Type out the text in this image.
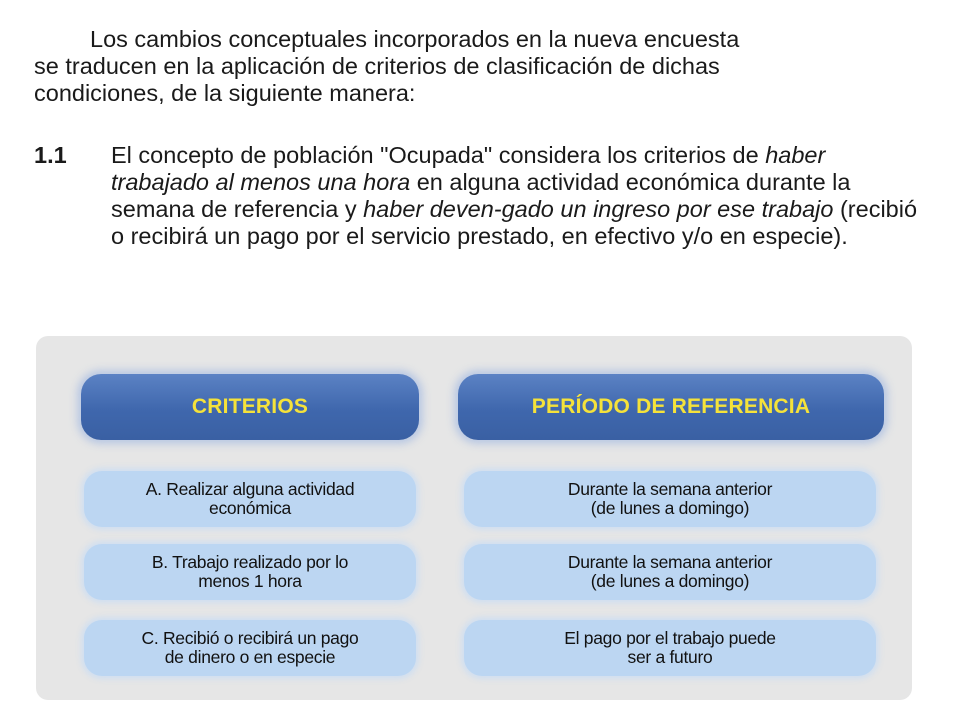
Los cambios conceptuales incorporados en la nueva encuesta
se traducen en la aplicación de criterios de clasificación de dichas
condiciones, de la siguiente manera:

1.1 El concepto de población "Ocupada" considera los criterios de haber trabajado al menos una hora en alguna actividad económica durante la semana de referencia y haber deven-gado un ingreso por ese trabajo (recibió o recibirá un pago por el servicio prestado, en efectivo y/o en especie).

CRITERIOS	PERÍODO DE REFERENCIA
A. Realizar alguna actividad
económica
Durante la semana anterior
(de lunes a domingo)
B. Trabajo realizado por lo
menos 1 hora
Durante la semana anterior
(de lunes a domingo)
C. Recibió o recibirá un pago
de dinero o en especie
El pago por el trabajo puede
ser a futuro
